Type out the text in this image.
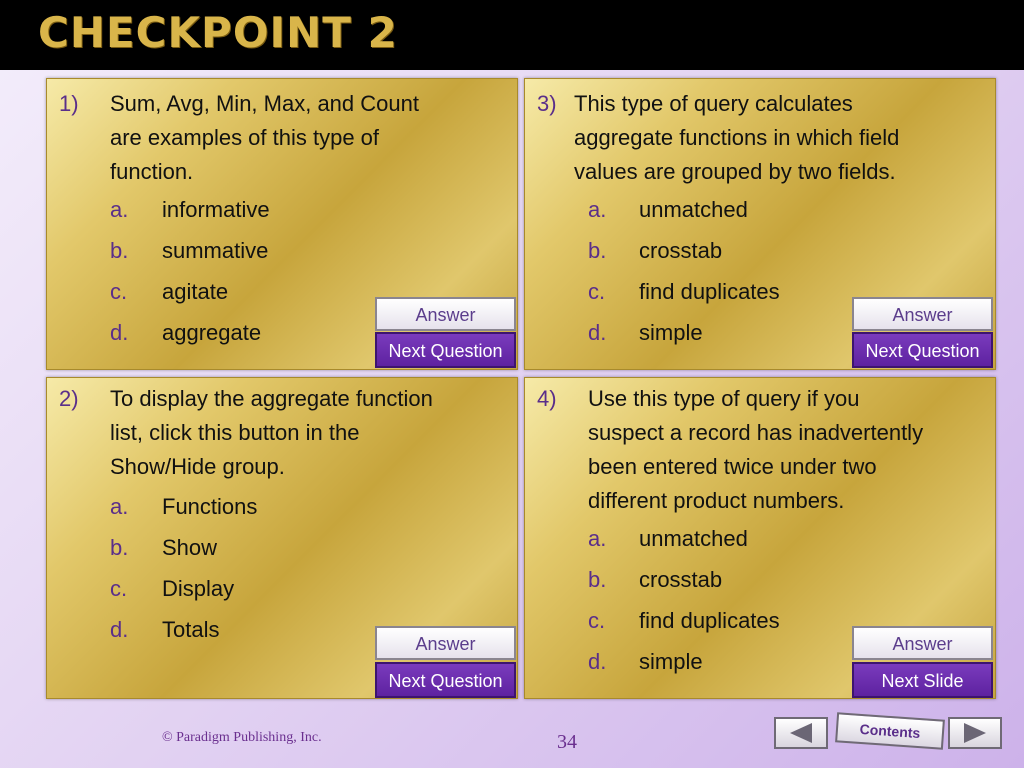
CHECKPOINT 2
1) Sum, Avg, Min, Max, and Count
are examples of this type of
function.
a. informative
b. summative
c. agitate
d. aggregate
Answer
Next Question
3) This type of query calculates
aggregate functions in which field
values are grouped by two fields.
a. unmatched
b. crosstab
c. find duplicates
d. simple
Answer
Next Question
2) To display the aggregate function
list, click this button in the
Show/Hide group.
a. Functions
b. Show
c. Display
d. Totals
Answer
Next Question
4) Use this type of query if you
suspect a record has inadvertently
been entered twice under two
different product numbers.
a. unmatched
b. crosstab
c. find duplicates
d. simple
Answer
Next Slide
© Paradigm Publishing, Inc.	34
Contents
